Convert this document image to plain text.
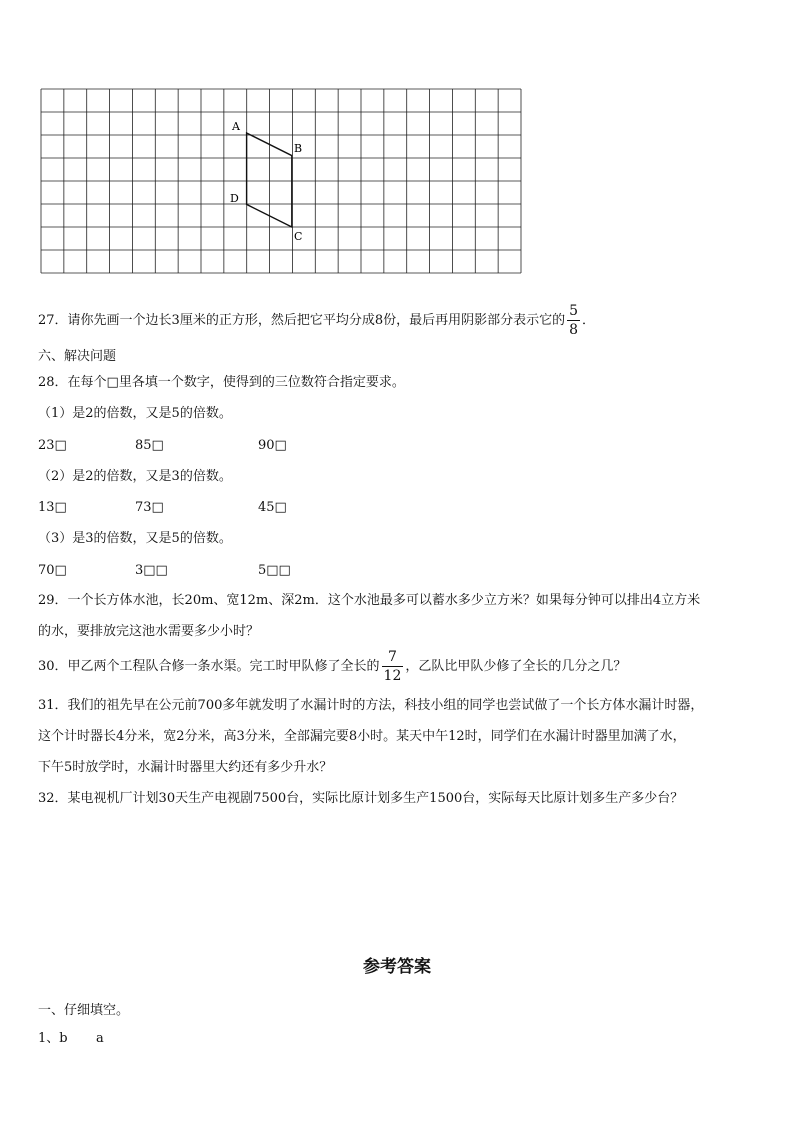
A
B
D
C
27．请你先画一个边长3厘米的正方形，然后把它平均分成8份，最后再用阴影部分表示它的 $\frac{5}{8}$ ．
六、解决问题
28．在每个□里各填一个数字，使得到的三位数符合指定要求。
（1）是2的倍数，又是5的倍数。
23□	85□	90□
（2）是2的倍数，又是3的倍数。
13□	73□	45□
（3）是3的倍数，又是5的倍数。
70□	3□□	5□□
29．一个长方体水池，长20m、宽12m、深2m．这个水池最多可以蓄水多少立方米？如果每分钟可以排出4立方米
的水，要排放完这池水需要多少小时？
30．甲乙两个工程队合修一条水渠。完工时甲队修了全长的 $\frac{7}{12}$ ，乙队比甲队少修了全长的几分之几？
31．我们的祖先早在公元前700多年就发明了水漏计时的方法，科技小组的同学也尝试做了一个长方体水漏计时器，
这个计时器长4分米，宽2分米，高3分米，全部漏完要8小时。某天中午12时，同学们在水漏计时器里加满了水，
下午5时放学时，水漏计时器里大约还有多少升水？
32．某电视机厂计划30天生产电视剧7500台，实际比原计划多生产1500台，实际每天比原计划多生产多少台？
参考答案
一、仔细填空。
1、b a
